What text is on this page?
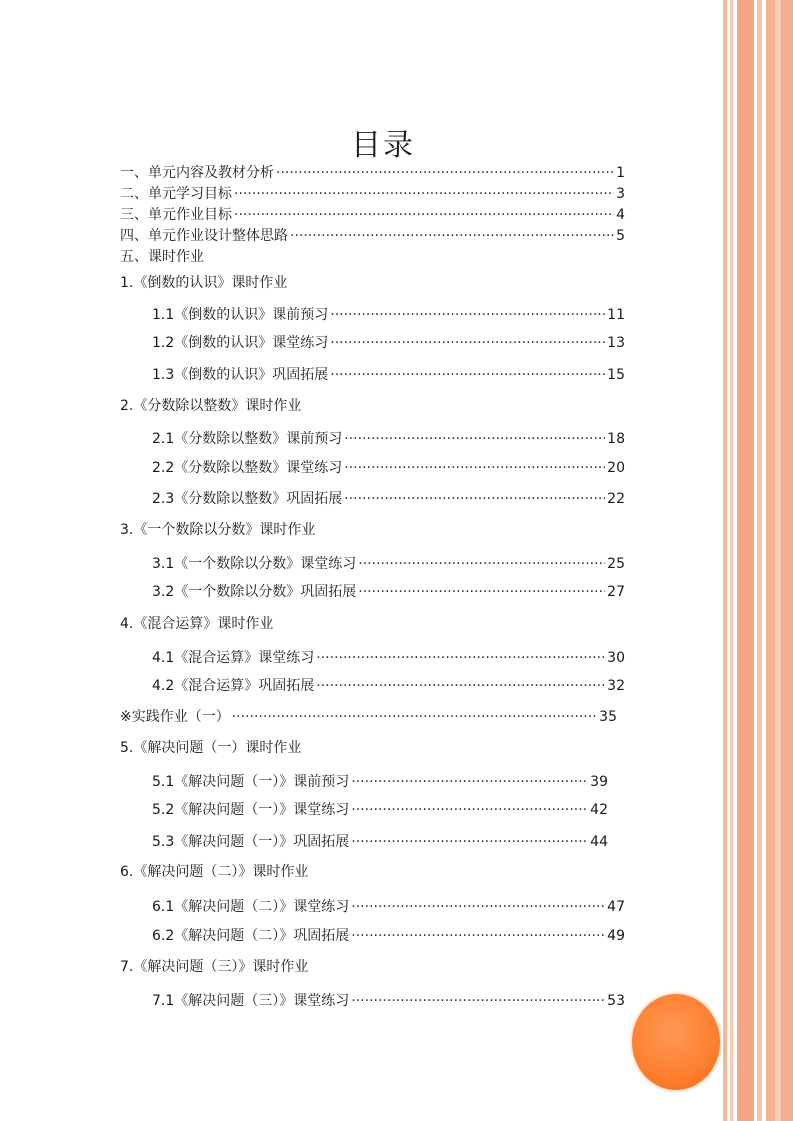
目录
一、单元内容及教材分析 ·····	1
二、单元学习目标 ·····	3
三、单元作业目标 ·····	4
四、单元作业设计整体思路 ·····	5
五、课时作业
1.《倒数的认识》课时作业
1.1《倒数的认识》课前预习 ·····	11
1.2《倒数的认识》课堂练习 ·····	13
1.3《倒数的认识》巩固拓展 ·····	15
2.《分数除以整数》课时作业
2.1《分数除以整数》课前预习 ·····	18
2.2《分数除以整数》课堂练习 ·····	20
2.3《分数除以整数》巩固拓展 ·····	22
3.《一个数除以分数》课时作业
3.1《一个数除以分数》课堂练习 ·····	25
3.2《一个数除以分数》巩固拓展 ·····	27
4.《混合运算》课时作业
4.1《混合运算》课堂练习 ·····	30
4.2《混合运算》巩固拓展 ·····	32
※实践作业（一） ·····	35
5.《解决问题（一）课时作业
5.1《解决问题（一）》课前预习 ·····	39
5.2《解决问题（一）》课堂练习 ·····	42
5.3《解决问题（一）》巩固拓展 ·····	44
6.《解决问题（二）》课时作业
6.1《解决问题（二）》课堂练习 ·····	47
6.2《解决问题（二）》巩固拓展 ·····	49
7.《解决问题（三）》课时作业
7.1《解决问题（三）》课堂练习 ·····	53
